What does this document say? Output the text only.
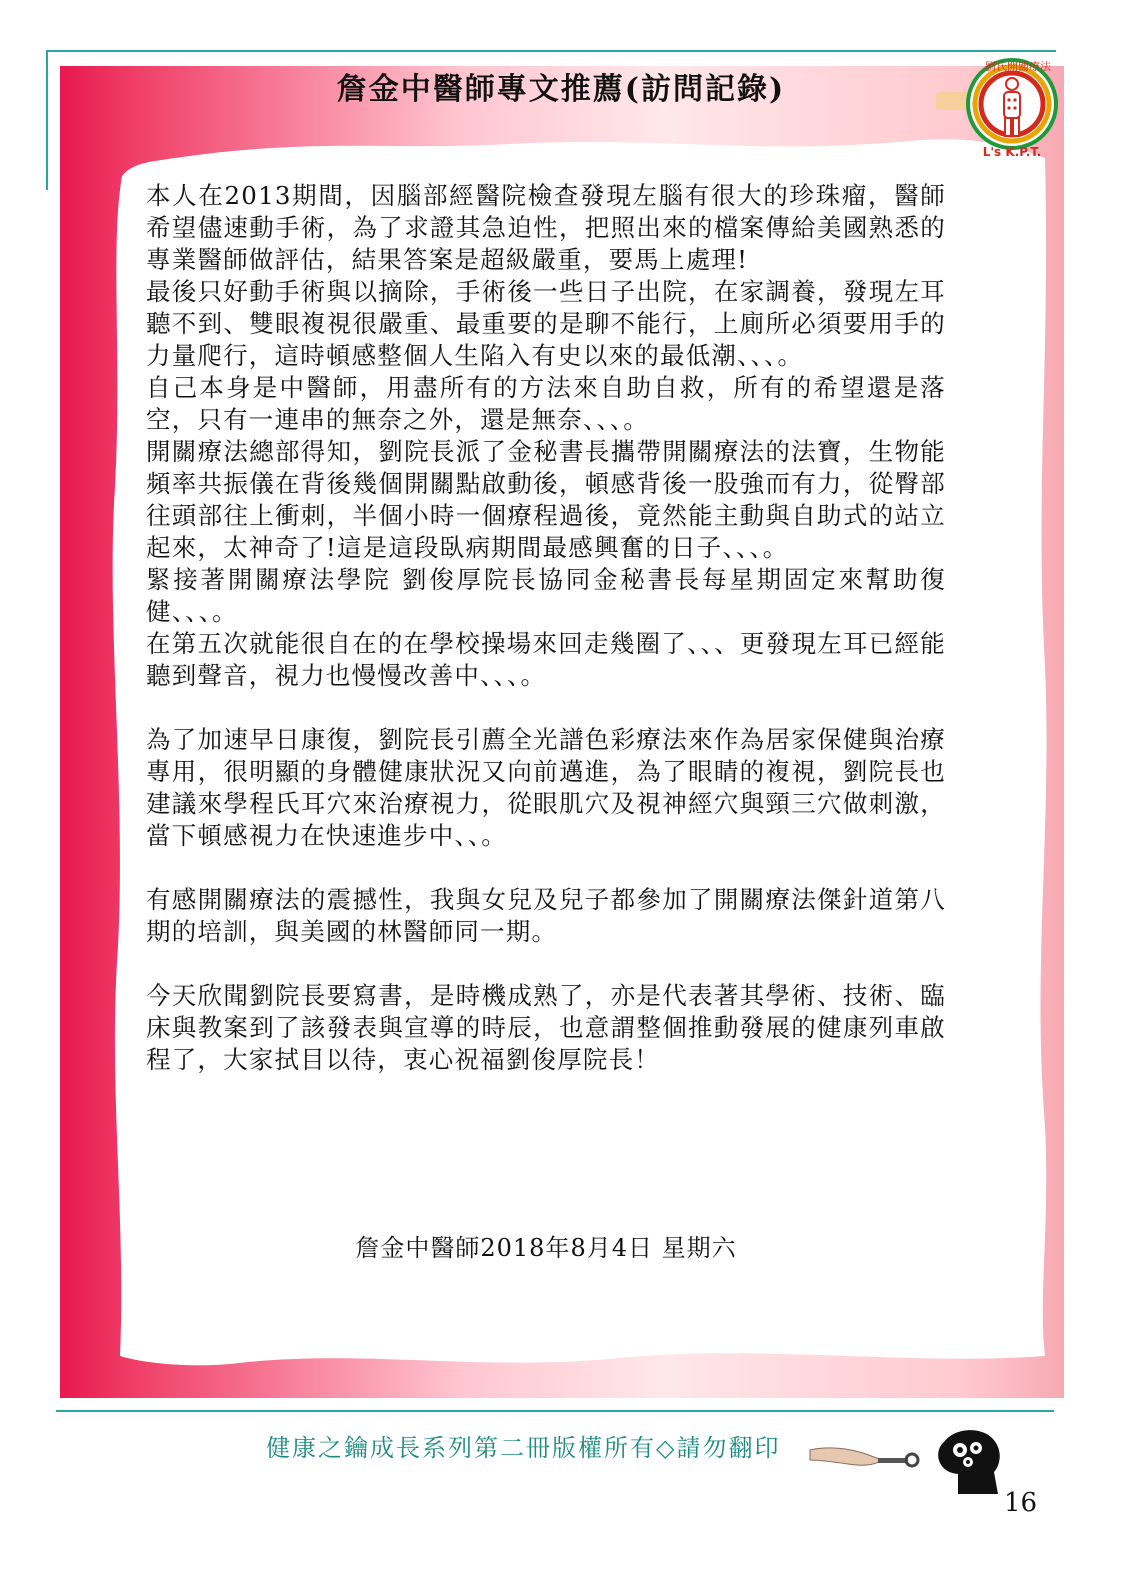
詹金中醫師專文推薦(訪問記錄)
劉氏開關療法
L's K.P.T.

本人在2013期間，因腦部經醫院檢查發現左腦有很大的珍珠瘤，醫師希望儘速動手術，為了求證其急迫性，把照出來的檔案傳給美國熟悉的專業醫師做評估，結果答案是超級嚴重，要馬上處理!

最後只好動手術與以摘除，手術後一些日子出院，在家調養，發現左耳聽不到、雙眼複視很嚴重、最重要的是聊不能行，上廁所必須要用手的力量爬行，這時頓感整個人生陷入有史以來的最低潮、、、。

自己本身是中醫師，用盡所有的方法來自助自救，所有的希望還是落空，只有一連串的無奈之外，還是無奈、、、。

開關療法總部得知，劉院長派了金秘書長攜帶開關療法的法寶，生物能頻率共振儀在背後幾個開關點啟動後，頓感背後一股強而有力，從臀部往頭部往上衝刺，半個小時一個療程過後，竟然能主動與自助式的站立起來，太神奇了!這是這段臥病期間最感興奮的日子、、、。

緊接著開關療法學院 劉俊厚院長協同金秘書長每星期固定來幫助復健、、、。

在第五次就能很自在的在學校操場來回走幾圈了、、、更發現左耳已經能聽到聲音，視力也慢慢改善中、、、。

為了加速早日康復，劉院長引薦全光譜色彩療法來作為居家保健與治療專用，很明顯的身體健康狀況又向前邁進，為了眼睛的複視，劉院長也建議來學程氏耳穴來治療視力，從眼肌穴及視神經穴與頸三穴做刺激，當下頓感視力在快速進步中、、。

有感開關療法的震撼性，我與女兒及兒子都參加了開關療法傑針道第八期的培訓，與美國的林醫師同一期。

今天欣聞劉院長要寫書，是時機成熟了，亦是代表著其學術、技術、臨床與教案到了該發表與宣導的時辰，也意謂整個推動發展的健康列車啟程了，大家拭目以待，衷心祝福劉俊厚院長！

詹金中醫師2018年8月4日 星期六
健康之鑰成長系列第二冊版權所有◇請勿翻印
16
